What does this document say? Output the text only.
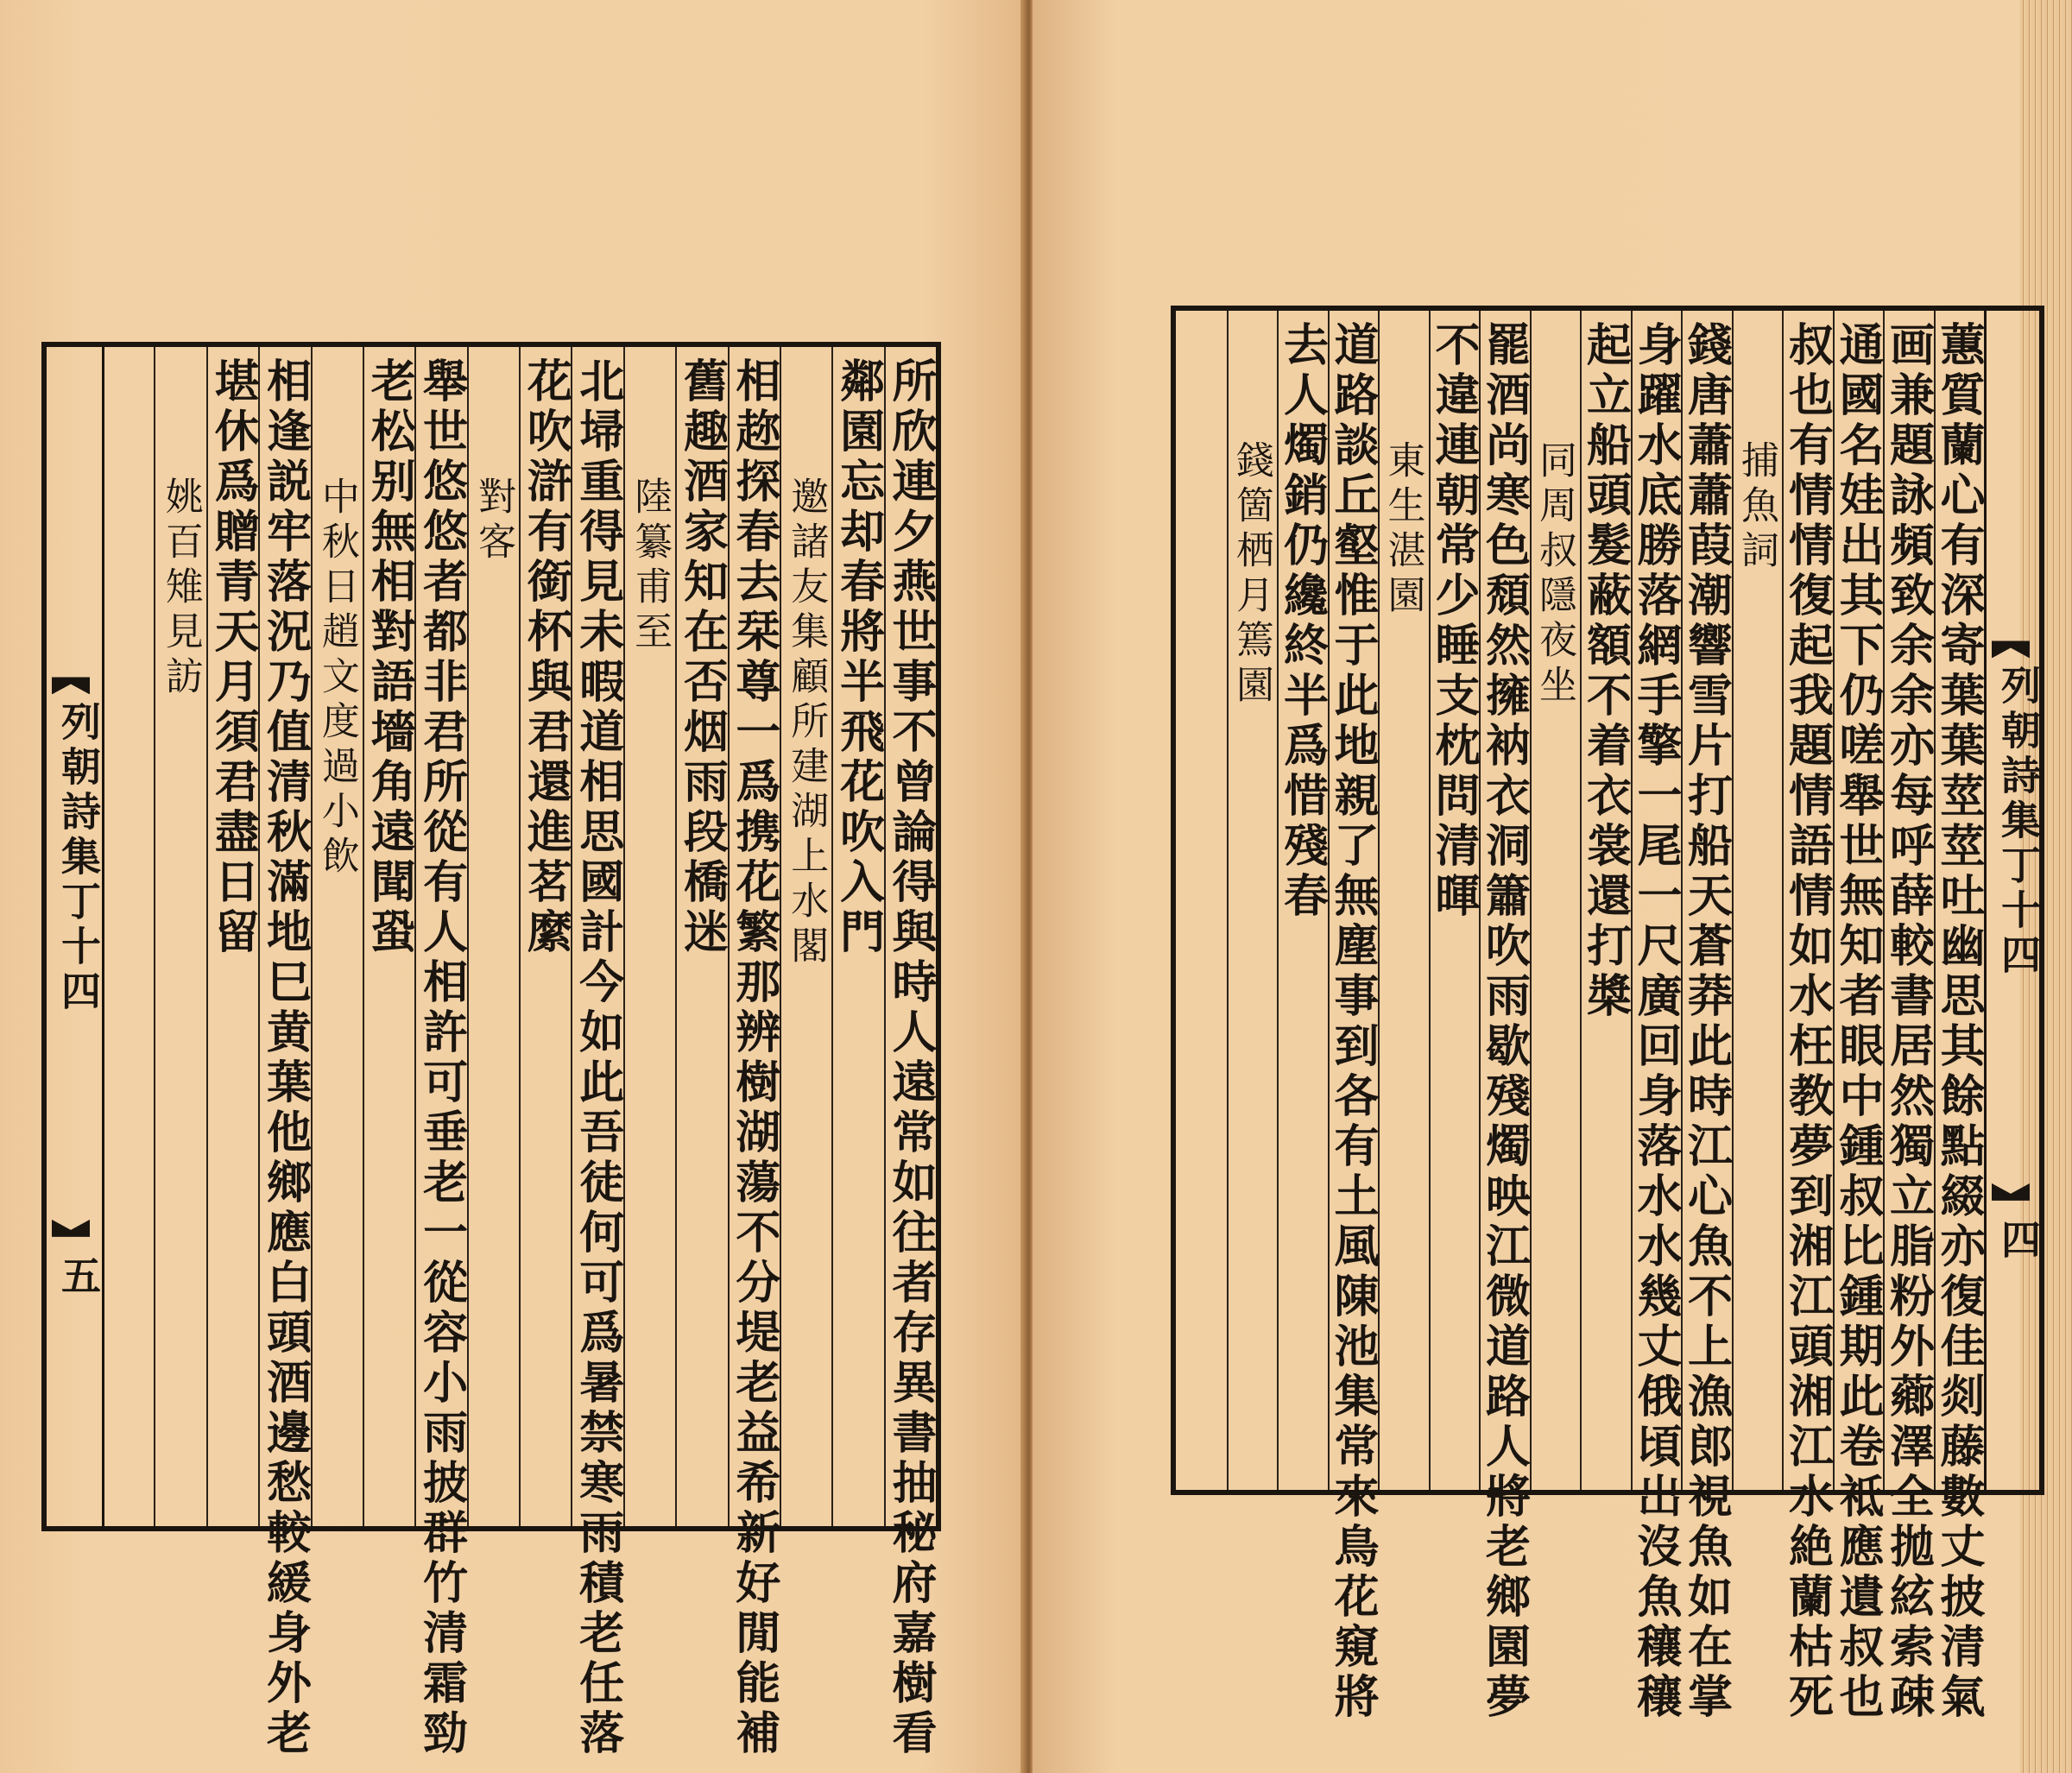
列朝詩集丁十四
五	所欣連夕燕世事不曾論得與時人遠常如往者存異書抽秘府嘉樹看
鄰園忘却春將半飛花吹入門
邀諸友集顧所建湖上水閣
相趂探春去栞尊一爲携花繁那辨樹湖蕩不分堤老益希新好閒能補
舊趣酒家知在否烟雨段橋迷
陸纂甫至
北埽重得見未暇道相思國計今如此吾徒何可爲暑禁寒雨積老任落
花吹滸有銜杯與君還進茗縻
對客
舉世悠悠者都非君所從有人相許可垂老一從容小雨披群竹清霜勁
老松别無相對語墻角遠聞蛩
中秋日趙文度過小飲
相逢説牢落況乃值清秋滿地巳黄葉他鄉應白頭酒邊愁較緩身外老
堪休爲贈青天月須君盡日留
姚百雉見訪
列朝詩集丁十四
四
蕙質蘭心有深寄葉葉莖莖吐幽思其餘點綴亦復佳剡藤數丈披清氣
画兼題詠頻致余余亦每呼薛較書居然獨立脂粉外薌澤全拋絃索疎
通國名娃出其下仍嗟舉世無知者眼中鍾叔比鍾期此卷祗應遺叔也
叔也有情情復起我題情語情如水枉教夢到湘江頭湘江水絶蘭枯死
捕魚詞
錢唐蕭蕭葭潮響雪片打船天蒼莽此時江心魚不上漁郎視魚如在掌
身躍水底勝落網手擎一尾一尺廣回身落水水幾丈俄頃出沒魚穰穰
起立船頭髮蔽額不着衣裳還打槳
同周叔隱夜坐
罷酒尚寒色頹然擁衲衣洞簫吹雨歇殘燭映江微道路人將老鄉園夢
不違連朝常少睡支枕問清暉
東生湛園
道路談丘壑惟于此地親了無塵事到各有土風陳池集常來鳥花窺將
去人燭銷仍纔終半爲惜殘春
錢箇栖月篶園
